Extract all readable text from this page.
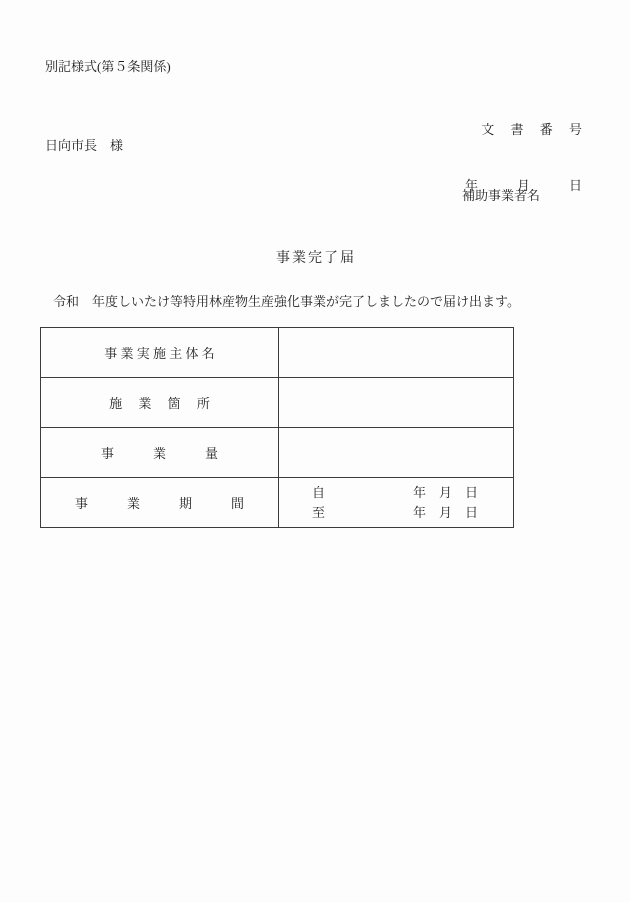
別記様式(第５条関係)

文　 書　 番　 号

年　　　月　　　日

日向市長　様
補助事業者名
事業完了届
令和　年度しいたけ等特用林産物生産強化事業が完了しましたので届け出ます。
事 業 実 施 主 体 名	
施　 業　 箇　 所	
事　　　業　　　量	
事　　　業　　　期　　　間	自 年　月　日
至 年　月　日
